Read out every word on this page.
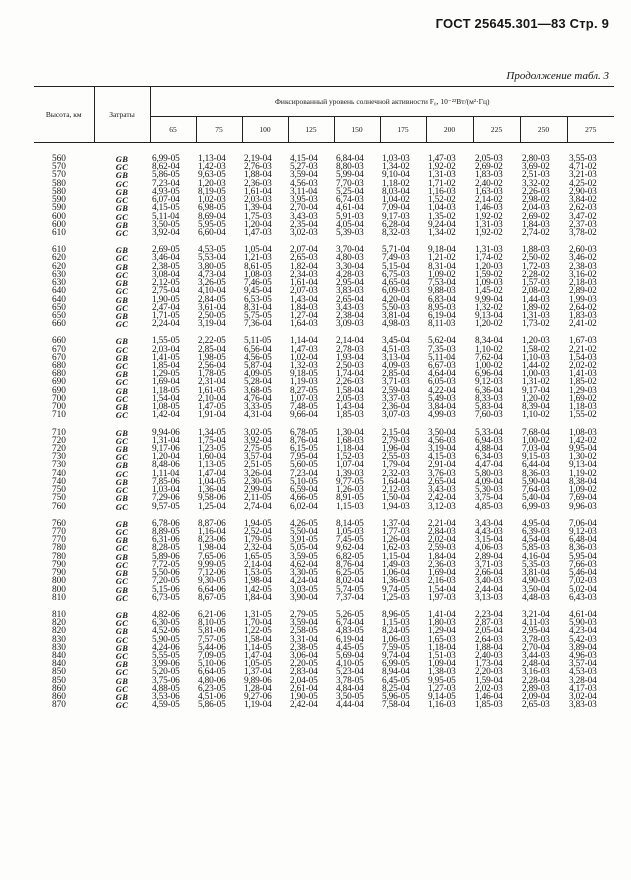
ГОСТ 25645.301—83 Стр. 9
Продолжение табл. 3
Высота, км	Затраты	Фиксированный уровень солнечной активности F₀, 10⁻²²Вт/(м²·Гц)									
		65	75	100	125	150	175	200	225	250	275

560	GB	6,99-05	1,13-04	2,19-04	4,15-04	6,84-04	1,03-03	1,47-03	2,05-03	2,80-03	3,55-03
570	GC	8,62-04	1,42-03	2,76-03	5,27-03	8,80-03	1,34-02	1,92-02	2,69-02	3,69-02	4,71-02
570	GB	5,86-05	9,63-05	1,88-04	3,59-04	5,99-04	9,10-04	1,31-03	1,83-03	2,51-03	3,21-03
580	GC	7,23-04	1,20-03	2,36-03	4,56-03	7,70-03	1,18-02	1,71-02	2,40-02	3,32-02	4,25-02
580	GB	4,93-05	8,19-05	1,61-04	3,11-04	5,25-04	8,03-04	1,16-03	1,63-03	2,26-03	2,90-03
590	GC	6,07-04	1,02-03	2,03-03	3,95-03	6,74-03	1,04-02	1,52-02	2,14-02	2,98-02	3,84-02
590	GB	4,15-05	6,98-05	1,39-04	2,70-04	4,61-04	7,09-04	1,04-03	1,46-03	2,04-03	2,62-03
600	GC	5,11-04	8,69-04	1,75-03	3,43-03	5,91-03	9,17-03	1,35-02	1,92-02	2,69-02	3,47-02
600	GB	3,50-05	5,95-05	1,20-04	2,35-04	4,05-04	6,28-04	9,24-04	1,31-03	1,84-03	2,37-03
610	GC	3,92-04	6,60-04	1,47-03	3,02-03	5,39-03	8,32-03	1,34-02	1,92-02	2,74-02	3,78-02

610	GB	2,69-05	4,53-05	1,05-04	2,07-04	3,70-04	5,71-04	9,18-04	1,31-03	1,88-03	2,60-03
620	GC	3,46-04	5,53-04	1,21-03	2,65-03	4,80-03	7,49-03	1,21-02	1,74-02	2,50-02	3,46-02
620	GB	2,38-05	3,80-05	8,61-05	1,82-04	3,30-04	5,15-04	8,31-04	1,20-03	1,72-03	2,38-03
630	GC	3,08-04	4,73-04	1,08-03	2,34-03	4,28-03	6,75-03	1,09-02	1,59-02	2,28-02	3,16-02
630	GB	2,12-05	3,26-05	7,46-05	1,61-04	2,95-04	4,65-04	7,53-04	1,09-03	1,57-03	2,18-03
640	GC	2,75-04	4,10-04	9,45-04	2,07-03	3,83-03	6,09-03	9,88-03	1,45-02	2,08-02	2,89-02
640	GB	1,90-05	2,84-05	6,53-05	1,43-04	2,65-04	4,20-04	6,83-04	9,99-04	1,44-03	1,99-03
650	GC	2,47-04	3,61-04	8,31-04	1,84-03	3,43-03	5,50-03	8,95-03	1,32-02	1,89-02	2,64-02
650	GB	1,71-05	2,50-05	5,75-05	1,27-04	2,38-04	3,81-04	6,19-04	9,13-04	1,31-03	1,83-03
660	GC	2,24-04	3,19-04	7,36-04	1,64-03	3,09-03	4,98-03	8,11-03	1,20-02	1,73-02	2,41-02

660	GB	1,55-05	2,22-05	5,11-05	1,14-04	2,14-04	3,45-04	5,62-04	8,34-04	1,20-03	1,67-03
670	GC	2,03-04	2,85-04	6,56-04	1,47-03	2,78-03	4,51-03	7,35-03	1,10-02	1,58-02	2,21-02
670	GB	1,41-05	1,98-05	4,56-05	1,02-04	1,93-04	3,13-04	5,11-04	7,62-04	1,10-03	1,54-03
680	GC	1,85-04	2,56-04	5,87-04	1,32-03	2,50-03	4,09-03	6,67-03	1,00-02	1,44-02	2,02-02
680	GB	1,29-05	1,78-05	4,09-05	9,18-05	1,74-04	2,85-04	4,64-04	6,96-04	1,00-03	1,41-03
690	GC	1,69-04	2,31-04	5,28-04	1,19-03	2,26-03	3,71-03	6,05-03	9,12-03	1,31-02	1,85-02
690	GB	1,18-05	1,61-05	3,68-05	8,27-05	1,58-04	2,59-04	4,22-04	6,36-04	9,17-04	1,29-03
700	GC	1,54-04	2,10-04	4,76-04	1,07-03	2,05-03	3,37-03	5,49-03	8,33-03	1,20-02	1,69-02
700	GB	1,08-05	1,47-05	3,33-05	7,48-05	1,43-04	2,36-04	3,84-04	5,83-04	8,39-04	1,18-03
710	GC	1,42-04	1,91-04	4,31-04	9,66-04	1,85-03	3,07-03	4,99-03	7,60-03	1,10-02	1,55-02

710	GB	9,94-06	1,34-05	3,02-05	6,78-05	1,30-04	2,15-04	3,50-04	5,33-04	7,68-04	1,08-03
720	GC	1,31-04	1,75-04	3,92-04	8,76-04	1,68-03	2,79-03	4,56-03	6,94-03	1,00-02	1,42-02
720	GB	9,17-06	1,23-05	2,75-05	6,15-05	1,18-04	1,96-04	3,19-04	4,88-04	7,03-04	9,95-04
730	GC	1,20-04	1,60-04	3,57-04	7,95-04	1,52-03	2,55-03	4,15-03	6,34-03	9,15-03	1,30-02
730	GB	8,48-06	1,13-05	2,51-05	5,60-05	1,07-04	1,79-04	2,91-04	4,47-04	6,44-04	9,13-04
740	GC	1,11-04	1,47-04	3,26-04	7,23-04	1,39-03	2,32-03	3,76-03	5,80-03	8,36-03	1,19-02
740	GB	7,85-06	1,04-05	2,30-05	5,10-05	9,77-05	1,64-04	2,65-04	4,09-04	5,90-04	8,38-04
750	GC	1,03-04	1,36-04	2,99-04	6,59-04	1,26-03	2,12-03	3,43-03	5,30-03	7,64-03	1,09-02
750	GB	7,29-06	9,58-06	2,11-05	4,66-05	8,91-05	1,50-04	2,42-04	3,75-04	5,40-04	7,69-04
760	GC	9,57-05	1,25-04	2,74-04	6,02-04	1,15-03	1,94-03	3,12-03	4,85-03	6,99-03	9,96-03

760	GB	6,78-06	8,87-06	1,94-05	4,26-05	8,14-05	1,37-04	2,21-04	3,43-04	4,95-04	7,06-04
770	GC	8,89-05	1,16-04	2,52-04	5,50-04	1,05-03	1,77-03	2,84-03	4,43-03	6,39-03	9,12-03
770	GB	6,31-06	8,23-06	1,79-05	3,91-05	7,45-05	1,26-04	2,02-04	3,15-04	4,54-04	6,48-04
780	GC	8,28-05	1,98-04	2,32-04	5,05-04	9,62-04	1,62-03	2,59-03	4,06-03	5,85-03	8,36-03
780	GB	5,89-06	7,65-06	1,65-05	3,59-05	6,82-05	1,15-04	1,84-04	2,89-04	4,16-04	5,95-04
790	GC	7,72-05	9,99-05	2,14-04	4,62-04	8,76-04	1,49-03	2,36-03	3,71-03	5,35-03	7,66-03
790	GB	5,50-06	7,12-06	1,53-05	3,30-05	6,25-05	1,06-04	1,69-04	2,66-04	3,81-04	5,46-04
800	GC	7,20-05	9,30-05	1,98-04	4,24-04	8,02-04	1,36-03	2,16-03	3,40-03	4,90-03	7,02-03
800	GB	5,15-06	6,64-06	1,42-05	3,03-05	5,74-05	9,74-05	1,54-04	2,44-04	3,50-04	5,02-04
810	GC	6,73-05	8,67-05	1,84-04	3,90-04	7,37-04	1,25-03	1,97-03	3,13-03	4,48-03	6,43-03

810	GB	4,82-06	6,21-06	1,31-05	2,79-05	5,26-05	8,96-05	1,41-04	2,23-04	3,21-04	4,61-04
820	GC	6,30-05	8,10-05	1,70-04	3,59-04	6,74-04	1,15-03	1,80-03	2,87-03	4,11-03	5,90-03
820	GB	4,52-06	5,81-06	1,22-05	2,58-05	4,83-05	8,24-05	1,29-04	2,05-04	2,95-04	4,23-04
830	GC	5,90-05	7,57-05	1,58-04	3,31-04	6,19-04	1,06-03	1,65-03	2,64-03	3,78-03	5,42-03
830	GB	4,24-06	5,44-06	1,14-05	2,38-05	4,45-05	7,59-05	1,18-04	1,88-04	2,70-04	3,89-04
840	GC	5,55-05	7,09-05	1,47-04	3,06-04	5,69-04	9,74-04	1,51-03	2,40-03	3,44-03	4,96-03
840	GB	3,99-06	5,10-06	1,05-05	2,20-05	4,10-05	6,99-05	1,09-04	1,73-04	2,48-04	3,57-04
850	GC	5,20-05	6,64-05	1,37-04	2,83-04	5,23-04	8,94-04	1,38-03	2,20-03	3,16-03	4,53-03
850	GB	3,75-06	4,80-06	9,89-06	2,04-05	3,78-05	6,45-05	9,95-05	1,59-04	2,28-04	3,28-04
860	GC	4,88-05	6,23-05	1,28-04	2,61-04	4,84-04	8,25-04	1,27-03	2,02-03	2,89-03	4,17-03
860	GB	3,53-06	4,51-06	9,27-06	1,90-05	3,50-05	5,96-05	9,14-05	1,46-04	2,09-04	3,02-04
870	GC	4,59-05	5,86-05	1,19-04	2,42-04	4,44-04	7,58-04	1,16-03	1,85-03	2,65-03	3,83-03
